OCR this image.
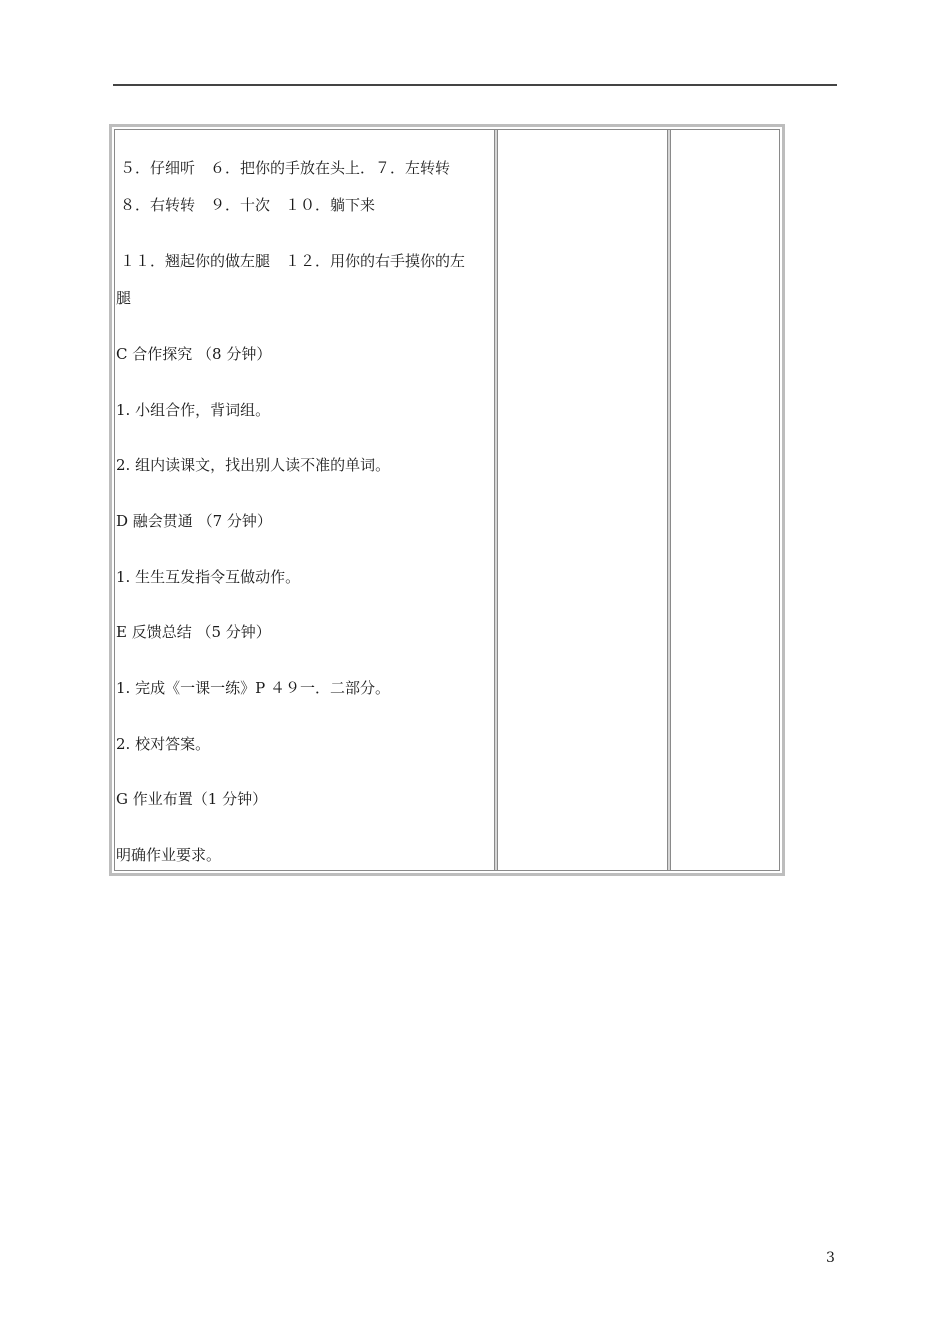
５．仔细听　６．把你的手放在头上．７．左转转
８．右转转　９．十次　１０．躺下来
１１．翘起你的做左腿　１２．用你的右手摸你的左
腿
C 合作探究 （8 分钟）
1. 小组合作，背词组。
2. 组内读课文，找出别人读不准的单词。
D 融会贯通 （7 分钟）
1. 生生互发指令互做动作。
E 反馈总结 （5 分钟）
1. 完成《一课一练》P ４９一．二部分。
2. 校对答案。
G 作业布置（1 分钟）
明确作业要求。
3
